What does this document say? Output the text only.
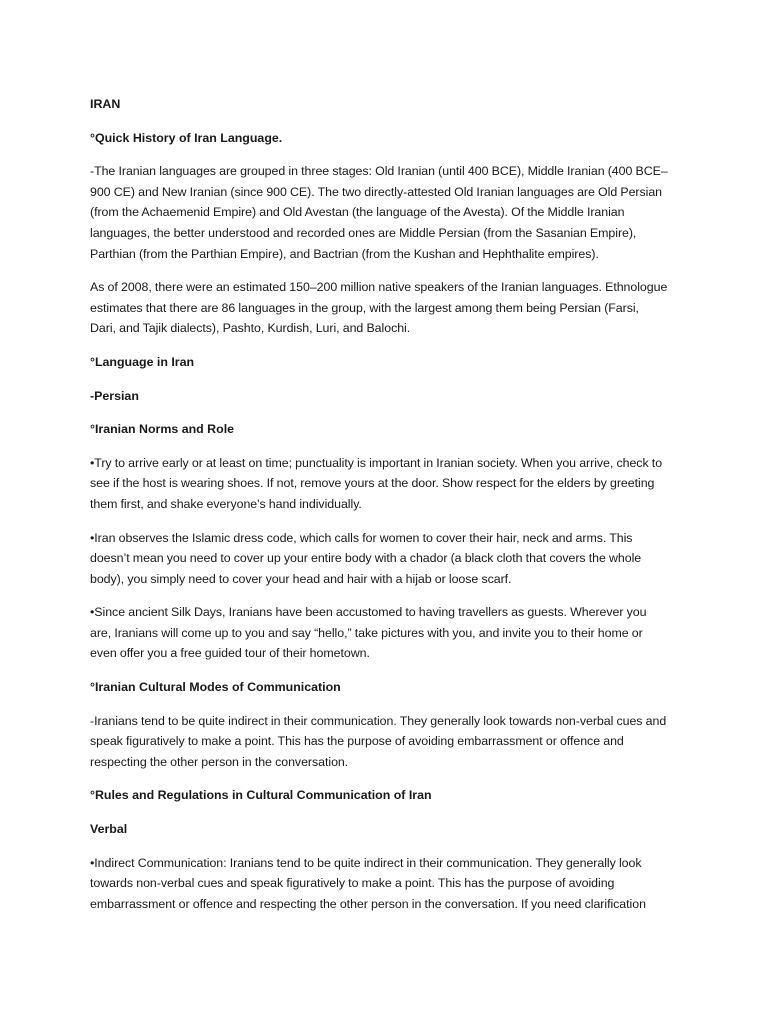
IRAN
°Quick History of Iran Language.
-The Iranian languages are grouped in three stages: Old Iranian (until 400 BCE), Middle Iranian (400 BCE–900 CE) and New Iranian (since 900 CE). The two directly-attested Old Iranian languages are Old Persian (from the Achaemenid Empire) and Old Avestan (the language of the Avesta). Of the Middle Iranian languages, the better understood and recorded ones are Middle Persian (from the Sasanian Empire), Parthian (from the Parthian Empire), and Bactrian (from the Kushan and Hephthalite empires).
As of 2008, there were an estimated 150–200 million native speakers of the Iranian languages. Ethnologue estimates that there are 86 languages in the group, with the largest among them being Persian (Farsi, Dari, and Tajik dialects), Pashto, Kurdish, Luri, and Balochi.
°Language in Iran
-Persian
°Iranian Norms and Role
•Try to arrive early or at least on time; punctuality is important in Iranian society. When you arrive, check to see if the host is wearing shoes. If not, remove yours at the door. Show respect for the elders by greeting them first, and shake everyone's hand individually.
•Iran observes the Islamic dress code, which calls for women to cover their hair, neck and arms. This doesn’t mean you need to cover up your entire body with a chador (a black cloth that covers the whole body), you simply need to cover your head and hair with a hijab or loose scarf.
•Since ancient Silk Days, Iranians have been accustomed to having travellers as guests. Wherever you are, Iranians will come up to you and say “hello,” take pictures with you, and invite you to their home or even offer you a free guided tour of their hometown.
°Iranian Cultural Modes of Communication
-Iranians tend to be quite indirect in their communication. They generally look towards non-verbal cues and speak figuratively to make a point. This has the purpose of avoiding embarrassment or offence and respecting the other person in the conversation.
°Rules and Regulations in Cultural Communication of Iran
Verbal
•Indirect Communication: Iranians tend to be quite indirect in their communication. They generally look towards non-verbal cues and speak figuratively to make a point. This has the purpose of avoiding embarrassment or offence and respecting the other person in the conversation. If you need clarification
